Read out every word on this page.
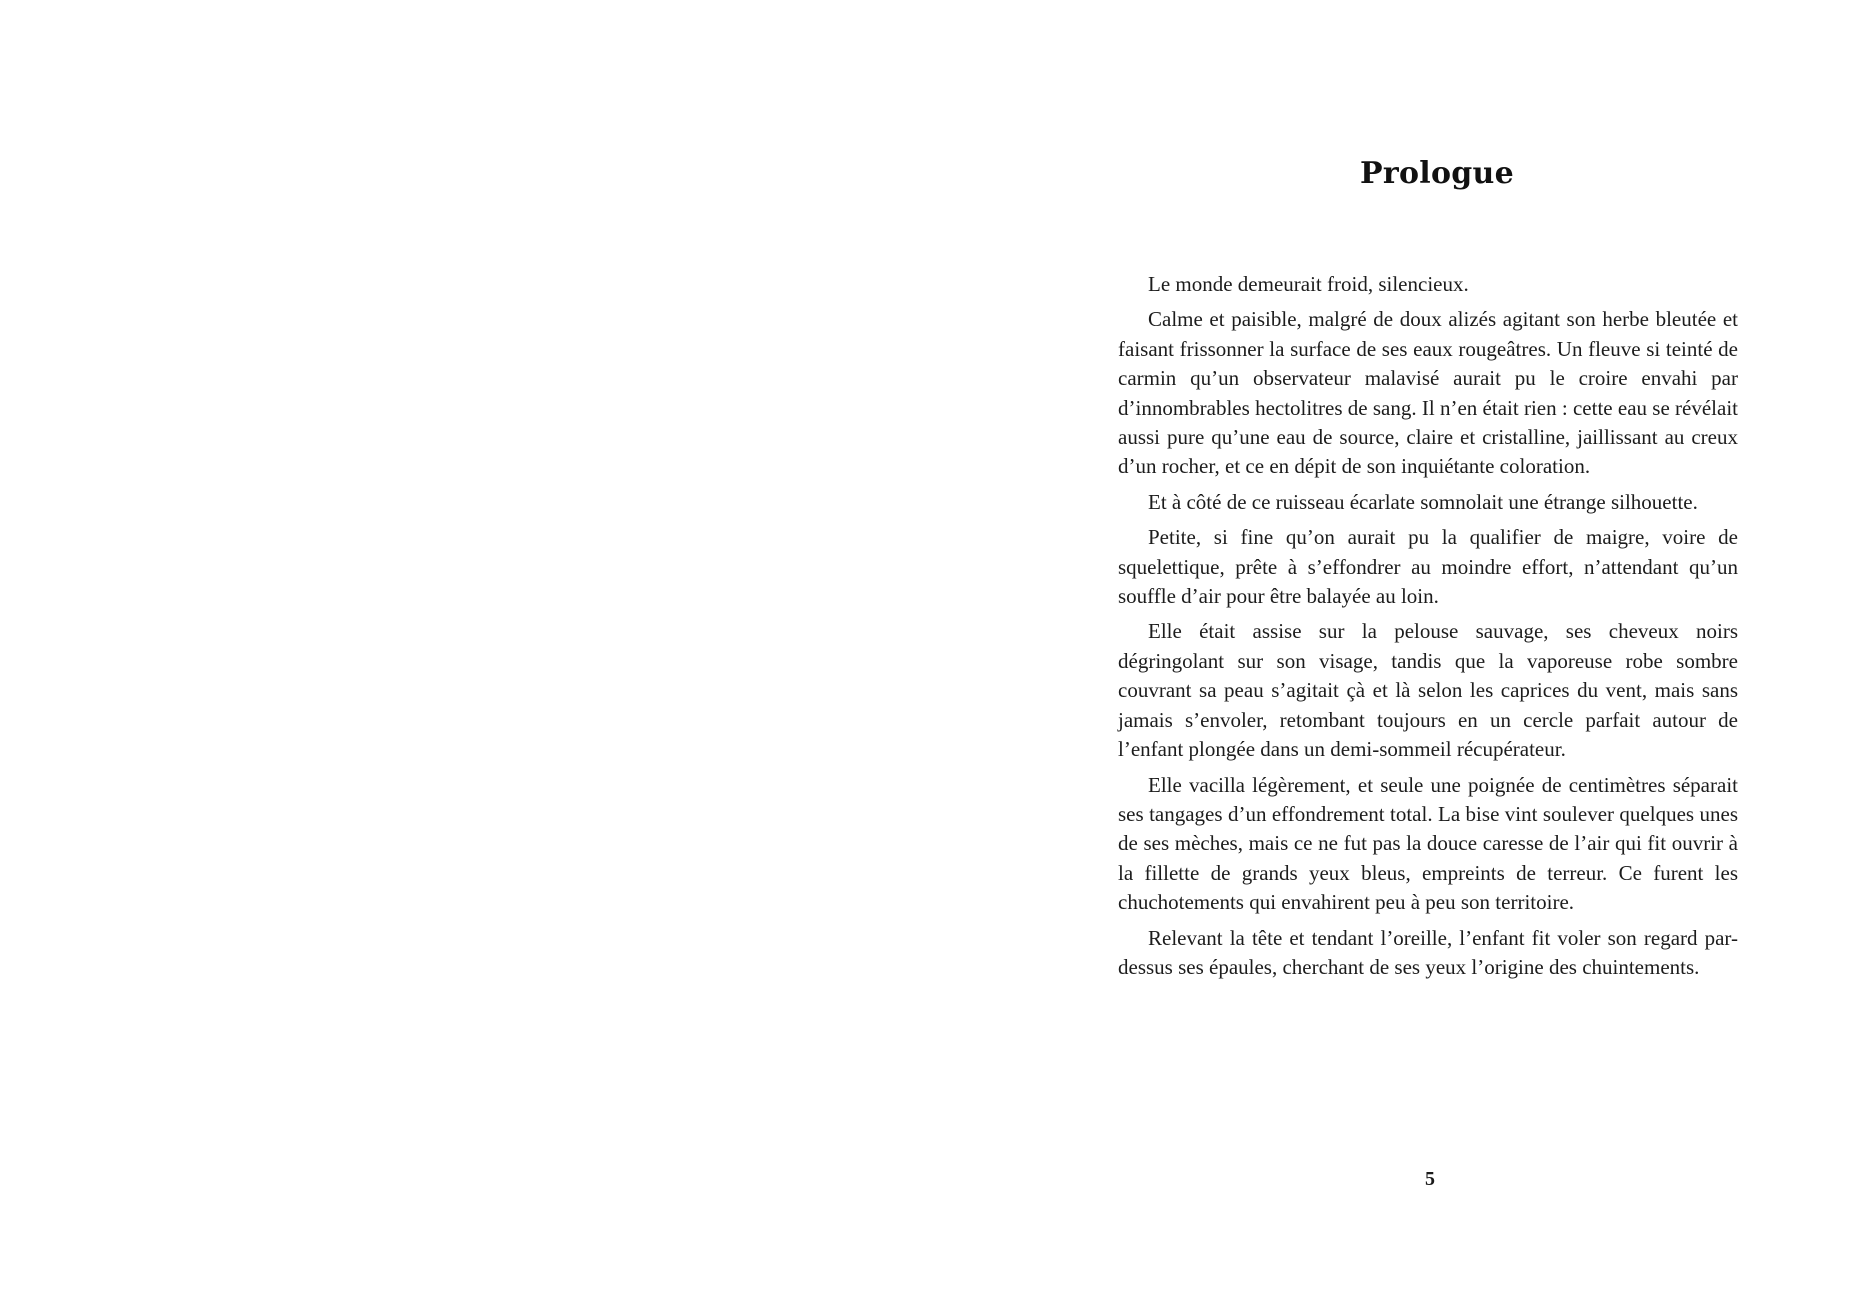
Prologue

Le monde demeurait froid, silencieux.

Calme et paisible, malgré de doux alizés agitant son herbe bleutée et faisant frissonner la surface de ses eaux rougeâtres. Un fleuve si teinté de carmin qu’un observateur malavisé aurait pu le croire envahi par d’innombrables hectolitres de sang. Il n’en était rien : cette eau se révélait aussi pure qu’une eau de source, claire et cristalline, jaillissant au creux d’un rocher, et ce en dépit de son inquiétante coloration.

Et à côté de ce ruisseau écarlate somnolait une étrange silhouette.

Petite, si fine qu’on aurait pu la qualifier de maigre, voire de squelettique, prête à s’effondrer au moindre effort, n’attendant qu’un souffle d’air pour être balayée au loin.

Elle était assise sur la pelouse sauvage, ses cheveux noirs dégringolant sur son visage, tandis que la vaporeuse robe sombre couvrant sa peau s’agitait çà et là selon les caprices du vent, mais sans jamais s’envoler, retombant toujours en un cercle parfait autour de l’enfant plongée dans un demi-sommeil récupérateur.

Elle vacilla légèrement, et seule une poignée de centimètres séparait ses tangages d’un effondrement total. La bise vint soulever quelques unes de ses mèches, mais ce ne fut pas la douce caresse de l’air qui fit ouvrir à la fillette de grands yeux bleus, empreints de terreur. Ce furent les chuchotements qui envahirent peu à peu son territoire.

Relevant la tête et tendant l’oreille, l’enfant fit voler son regard par-dessus ses épaules, cherchant de ses yeux l’origine des chuintements.

5
